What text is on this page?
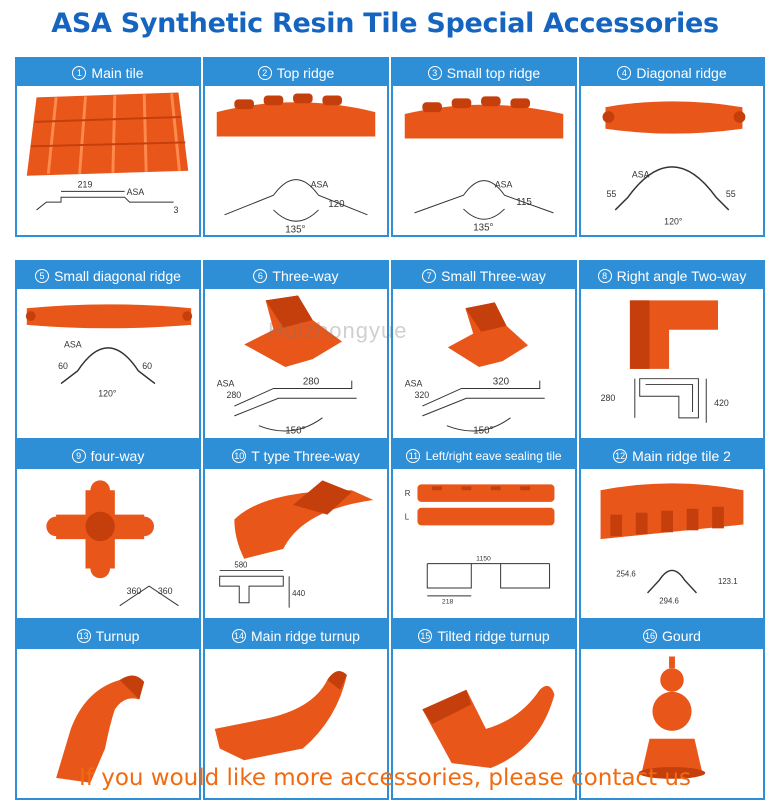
ASA Synthetic Resin Tile Special Accessories
1 Main tile
219
ASA
3
2 Top ridge
ASA
120
135°
3 Small top ridge
ASA
115
135°
4 Diagonal ridge
ASA
55	55
120°
5 Small diagonal ridge
ASA
60	60
120°
6 Three-way
ASA
280
280
150°
7 Small Three-way
ASA
320
320
150°
8 Right angle Two-way
280	420
9 four-way
360 360
10 T type Three-way
580
440
11 Left/right eave sealing tile
R
L
1150
218
12 Main ridge tile 2
254.6
294.6
123.1
13 Turnup	14 Main ridge turnup	15 Tilted ridge turnup	16 Gourd
Huizhongyue
If you would like more accessories, please contact us
